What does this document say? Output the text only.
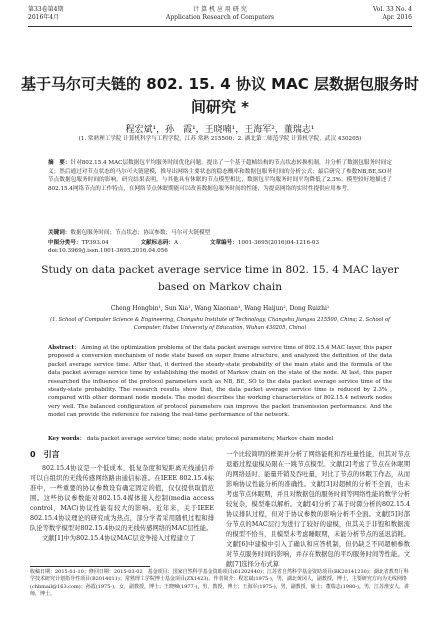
第33卷第4期
2016年4月
计 算 机 应 用 研 究
Application Research of Computers
Vol. 33 No. 4
Apr. 2016
基于马尔可夫链的 802. 15. 4 协议 MAC 层数据包服务时间研究 *
程宏斌¹，孙　霞¹，王晓喃¹，王海军²，董瑞志¹
(1. 常熟理工学院 计算机科学与工程学院，江苏 常熟 215500；2. 湖北第二师范学院 计算机学院，武汉 430205)
摘　要：针对802.15.4 MAC层数据包平均服务时间优化问题，提出了一个基于超帧结构的节点状态转换机制，并分析了数据包服务时间定义；然后通过对节点状态的马尔可夫链建模，推导出网络主要状态的稳态概率和数据包服务时间的分析公式；最后研究了参数NB,BE,SO对节点数据包服务时间的影响。研究结果表明，与其他具有休眠的节点模型相比，数据包平均服务时间平均降低了2.3%。模型较好地描述了802.15.4网络节点的工作特点，在网络节点休眠期能可以改善数据包服务时间的性能，为提高网络的实时性提供应用参考。
关键词：数据包服务时间；节点状态；协议参数；马尔可夫链模型
中图分类号：TP393.04	文献标志码：A	文章编号：1001-3695(2016)04-1216-03
doi:10.3969/j.issn.1001-3695.2016.04.056
Study on data packet average service time in 802. 15. 4 MAC layer based on Markov chain
Cheng Hongbin¹, Sun Xia¹, Wang Xiaonan¹, Wang Haijun², Dong Ruizhi¹
(1. School of Computer Science & Engineering, Changshu Institute of Technology, Changshu Jiangsu 215500, China; 2. School of Computer, Hubei University of Education, Wuhan 430205, China)
Abstract： Aiming at the optimization problems of the data packet average service time of 802.15.4 MAC layer, this paper proposed a conversion mechanism of node state based on super frame structure, and analyzed the definition of the data packet average service time. After that, it derived the steady-state probability of the main state and the formula of the data packet average service time by establishing the model of Markov chain on the state of the node. At last, this paper researched the influence of the protocol parameters such as NB, BE, SO to the data packet average service time of the steady-state probability. The research results show that, the data packet average service time is reduced by 2.3% , compared with other dormant node models. The model describes the working characteristics of 802.15.4 network nodes very well. The balanced configuration of protocol parameters can improve the packet transmission performance. And the model can provide the reference for raising the real-time performance of the network.
Key words： data packet average service time; node state; protocol parameters; Markov chain model

0　引言

802.15.4协议是一个低成本、低复杂度和短距离无线通信并可以自组织的无线传感网络路由通信标准。在IEEE 802.15.4标准中，一些重要的协议参数设有确定固定的值，仅仅提供取值范围。这些协议参数能对802.15.4媒体接入控制(media access control，MAC)协议性能有较大的影响。近年来，关于IEEE 802.15.4协议理论的研究成为热点，部分学者采用随机过程和排队论等数学模型对802.15.4协议的无线传感网络的MAC层性能。

文献[1]中为802.15.4协议MAC层竞争接入过程建立了

一个比较简明的框架并分析了网络能耗和吞吐量性能，但其对节点退避过程建模局限在一跳节点模型。文献[2]考虑了节点在休眠期的网络延时、能量开销及吞吐量，对比了节点的休眠工作态，从而影响协议性能分析的准确性。文献[3]对超帧的分析不全面，也未考虑节点休眠期，并且对数据包的服务时间等网络性能的数学分析较复杂，模型难以解析。文献[4]分析了基于时隙分析的802.15.4协议排队过程，但对于协议参数的影响分析不全面。文献[5]对部分节点的MAC层行为进行了较好的建模，但其关于非饱和数据流的模型不恰当，且模型未考虑睡眠期，未能分析节点的延迟消耗。文献[6]中建模中引入了确认和应答机制，但仍缺乏不同超帧参数对节点服务时间的影响，并存在数据包的平均服务时间等性能。文献[7]选择分布式算

收稿日期：2015-01-10；修回日期：2015-03-02　基金项目：国家自然科学基金资助项目(61202440)；江苏省自然科学基金资助项目(BK20141230)；湖北省教育厅科学技术研究计划指导性项目(B2014011)；常熟理工学院博士基金项目(ZX1423)。作者简介：程宏斌(1975-)，男，湖北黄冈人，副教授，博士，主要研究方向为无线网络(chbmail@163.com)；孙霞(1975-)，女，副教授，博士；王晓喃(1977-)，男，教授，博士；王海军(1975-)，男，副教授，硕士；董瑞志(1980-)，男，江苏淮安人，讲师，博士。
